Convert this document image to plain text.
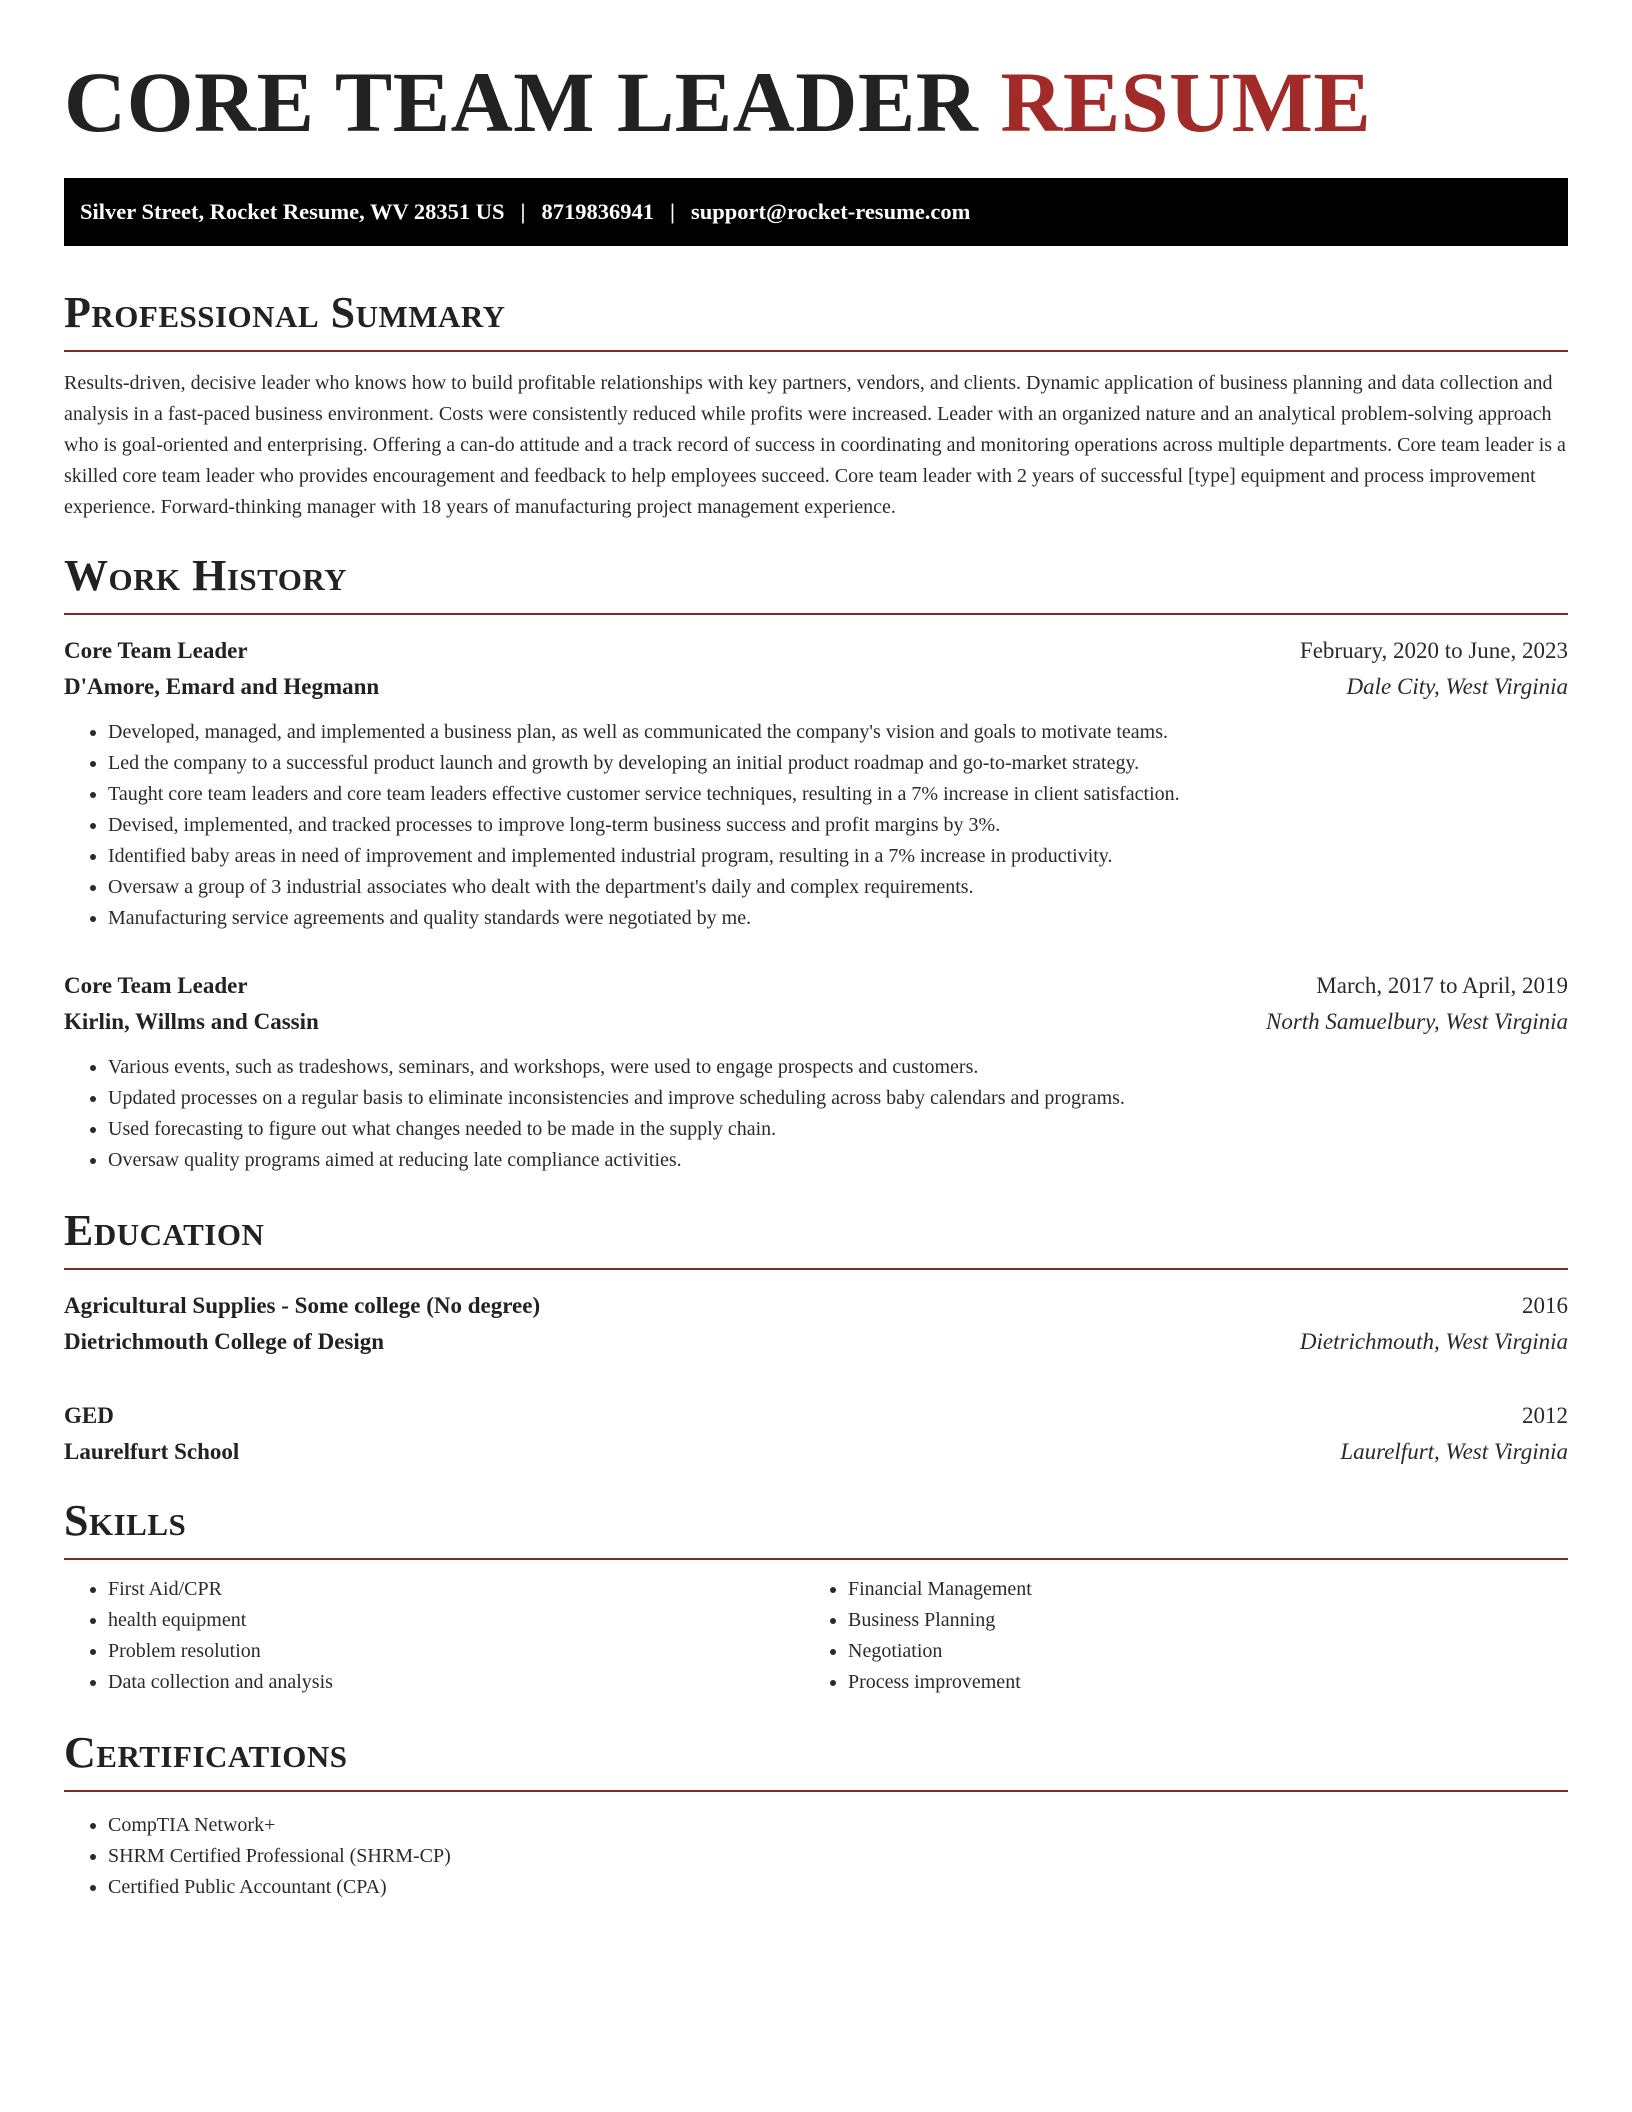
CORE TEAM LEADER RESUME
Silver Street, Rocket Resume, WV 28351 US | 8719836941 | support@rocket-resume.com
Professional Summary

Results-driven, decisive leader who knows how to build profitable relationships with key partners, vendors, and clients. Dynamic application of business planning and data collection and analysis in a fast-paced business environment. Costs were consistently reduced while profits were increased. Leader with an organized nature and an analytical problem-solving approach who is goal-oriented and enterprising. Offering a can-do attitude and a track record of success in coordinating and monitoring operations across multiple departments. Core team leader is a skilled core team leader who provides encouragement and feedback to help employees succeed. Core team leader with 2 years of successful [type] equipment and process improvement experience. Forward-thinking manager with 18 years of manufacturing project management experience.

Work History
Core Team Leader	February, 2020 to June, 2023
D'Amore, Emard and Hegmann	Dale City, West Virginia
• Developed, managed, and implemented a business plan, as well as communicated the company's vision and goals to motivate teams.
• Led the company to a successful product launch and growth by developing an initial product roadmap and go-to-market strategy.
• Taught core team leaders and core team leaders effective customer service techniques, resulting in a 7% increase in client satisfaction.
• Devised, implemented, and tracked processes to improve long-term business success and profit margins by 3%.
• Identified baby areas in need of improvement and implemented industrial program, resulting in a 7% increase in productivity.
• Oversaw a group of 3 industrial associates who dealt with the department's daily and complex requirements.
• Manufacturing service agreements and quality standards were negotiated by me.
Core Team Leader	March, 2017 to April, 2019
Kirlin, Willms and Cassin	North Samuelbury, West Virginia
• Various events, such as tradeshows, seminars, and workshops, were used to engage prospects and customers.
• Updated processes on a regular basis to eliminate inconsistencies and improve scheduling across baby calendars and programs.
• Used forecasting to figure out what changes needed to be made in the supply chain.
• Oversaw quality programs aimed at reducing late compliance activities.
Education
Agricultural Supplies - Some college (No degree)	2016
Dietrichmouth College of Design	Dietrichmouth, West Virginia
GED	2012
Laurelfurt School	Laurelfurt, West Virginia
Skills
• First Aid/CPR
• health equipment
• Problem resolution
• Data collection and analysis
• Financial Management
• Business Planning
• Negotiation
• Process improvement
Certifications
• CompTIA Network+
• SHRM Certified Professional (SHRM-CP)
• Certified Public Accountant (CPA)
